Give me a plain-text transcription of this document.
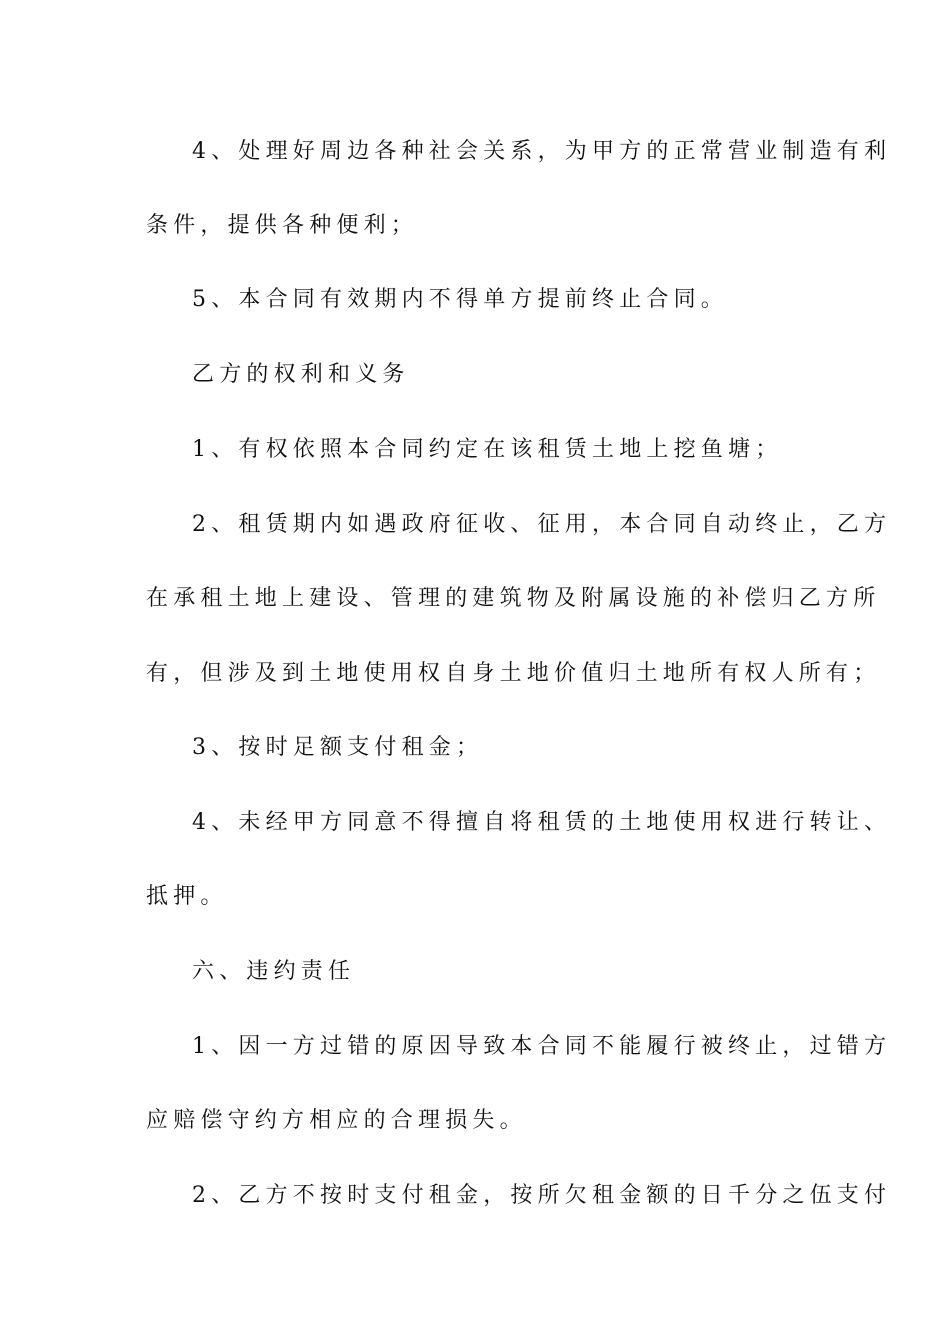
4、处理好周边各种社会关系，为甲方的正常营业制造有利
条件，提供各种便利；
5、本合同有效期内不得单方提前终止合同。
乙方的权利和义务
1、有权依照本合同约定在该租赁土地上挖鱼塘；
2、租赁期内如遇政府征收、征用，本合同自动终止，乙方
在承租土地上建设、管理的建筑物及附属设施的补偿归乙方所
有，但涉及到土地使用权自身土地价值归土地所有权人所有；
3、按时足额支付租金；
4、未经甲方同意不得擅自将租赁的土地使用权进行转让、
抵押。
六、违约责任
1、因一方过错的原因导致本合同不能履行被终止，过错方
应赔偿守约方相应的合理损失。
2、乙方不按时支付租金，按所欠租金额的日千分之伍支付
